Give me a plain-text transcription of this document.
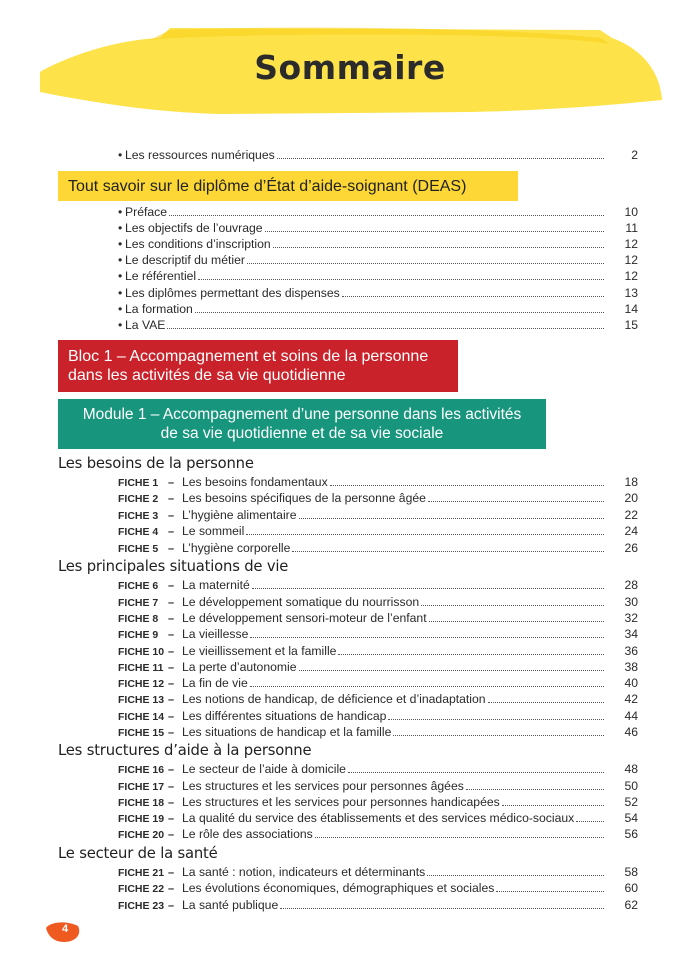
Sommaire
• Les ressources numériques	2
Tout savoir sur le diplôme d’État d’aide-soignant (DEAS)
• Préface	10
• Les objectifs de l’ouvrage	11
• Les conditions d’inscription	12
• Le descriptif du métier	12
• Le référentiel	12
• Les diplômes permettant des dispenses	13
• La formation	14
• La VAE	15
Bloc 1 – Accompagnement et soins de la personne
dans les activités de sa vie quotidienne
Module 1 – Accompagnement d’une personne dans les activités
de sa vie quotidienne et de sa vie sociale
Les besoins de la personne
FICHE 1 – Les besoins fondamentaux	18
FICHE 2 – Les besoins spécifiques de la personne âgée	20
FICHE 3 – L’hygiène alimentaire	22
FICHE 4 – Le sommeil	24
FICHE 5 – L’hygiène corporelle	26
Les principales situations de vie
FICHE 6 – La maternité	28
FICHE 7 – Le développement somatique du nourrisson	30
FICHE 8 – Le développement sensori-moteur de l’enfant	32
FICHE 9 – La vieillesse	34
FICHE 10 – Le vieillissement et la famille	36
FICHE 11 – La perte d’autonomie	38
FICHE 12 – La fin de vie	40
FICHE 13 – Les notions de handicap, de déficience et d’inadaptation	42
FICHE 14 – Les différentes situations de handicap	44
FICHE 15 – Les situations de handicap et la famille	46
Les structures d’aide à la personne
FICHE 16 – Le secteur de l’aide à domicile	48
FICHE 17 – Les structures et les services pour personnes âgées	50
FICHE 18 – Les structures et les services pour personnes handicapées	52
FICHE 19 – La qualité du service des établissements et des services médico-sociaux	54
FICHE 20 – Le rôle des associations	56
Le secteur de la santé
FICHE 21 – La santé : notion, indicateurs et déterminants	58
FICHE 22 – Les évolutions économiques, démographiques et sociales	60
FICHE 23 – La santé publique	62
4
